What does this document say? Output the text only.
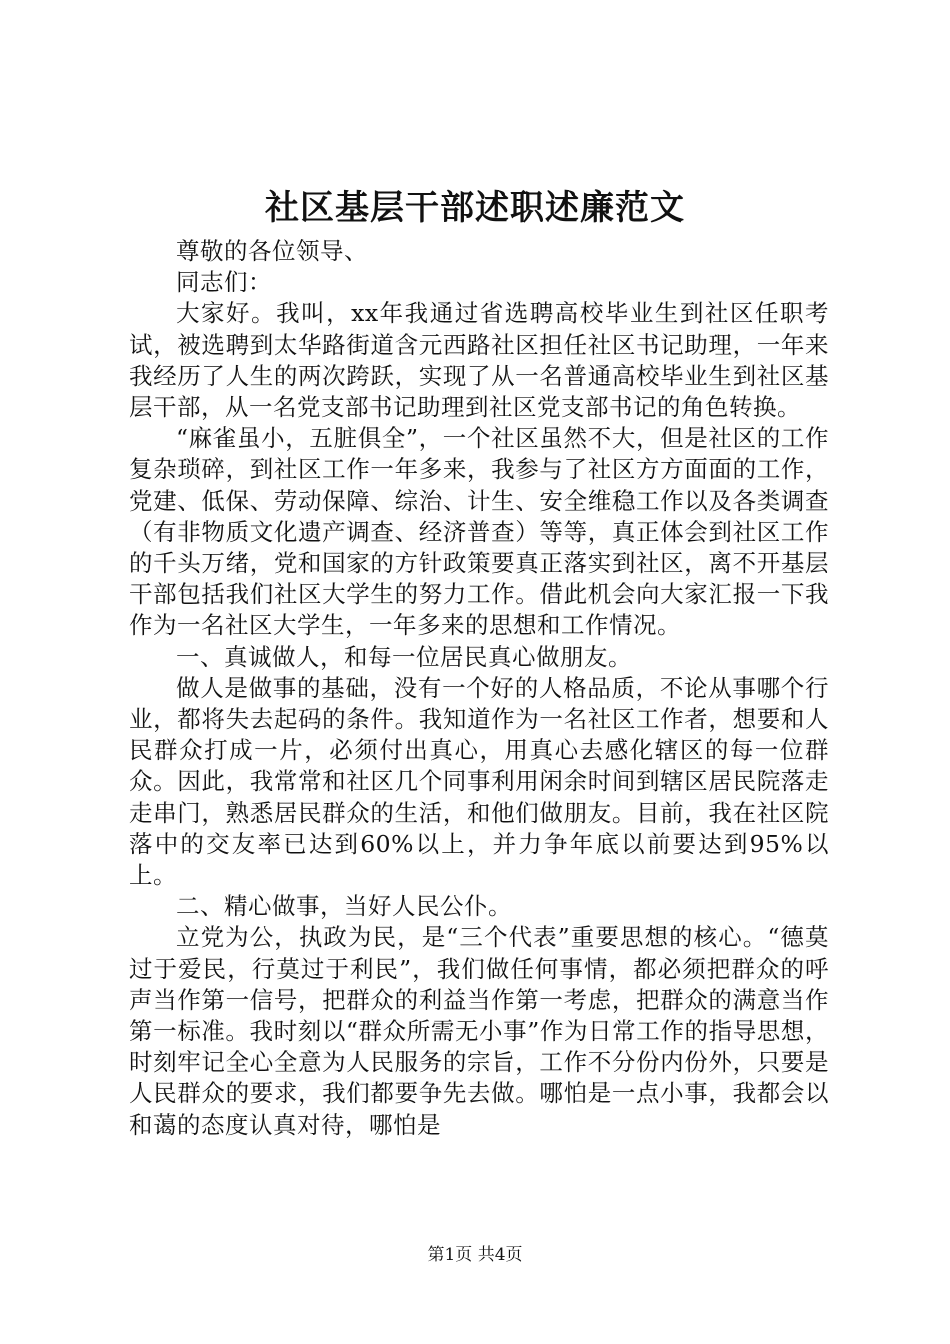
社区基层干部述职述廉范文

尊敬的各位领导、

同志们：

大家好。我叫，xx年我通过省选聘高校毕业生到社区任职考试，被选聘到太华路街道含元西路社区担任社区书记助理，一年来我经历了人生的两次跨跃，实现了从一名普通高校毕业生到社区基层干部，从一名党支部书记助理到社区党支部书记的角色转换。

“麻雀虽小，五脏俱全”，一个社区虽然不大，但是社区的工作复杂琐碎，到社区工作一年多来，我参与了社区方方面面的工作，党建、低保、劳动保障、综治、计生、安全维稳工作以及各类调查（有非物质文化遗产调查、经济普查）等等，真正体会到社区工作的千头万绪，党和国家的方针政策要真正落实到社区，离不开基层干部包括我们社区大学生的努力工作。借此机会向大家汇报一下我作为一名社区大学生，一年多来的思想和工作情况。

一、真诚做人，和每一位居民真心做朋友。

做人是做事的基础，没有一个好的人格品质，不论从事哪个行业，都将失去起码的条件。我知道作为一名社区工作者，想要和人民群众打成一片，必须付出真心，用真心去感化辖区的每一位群众。因此，我常常和社区几个同事利用闲余时间到辖区居民院落走走串门，熟悉居民群众的生活，和他们做朋友。目前，我在社区院落中的交友率已达到60%以上，并力争年底以前要达到95%以上。

二、精心做事，当好人民公仆。

立党为公，执政为民，是“三个代表”重要思想的核心。“德莫过于爱民，行莫过于利民”，我们做任何事情，都必须把群众的呼声当作第一信号，把群众的利益当作第一考虑，把群众的满意当作第一标准。我时刻以“群众所需无小事”作为日常工作的指导思想，时刻牢记全心全意为人民服务的宗旨，工作不分份内份外，只要是人民群众的要求，我们都要争先去做。哪怕是一点小事，我都会以和蔼的态度认真对待，哪怕是

第1页 共4页
